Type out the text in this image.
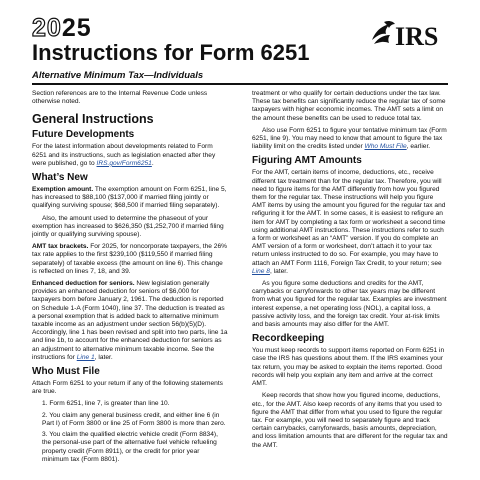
2025	IRS
Instructions for Form 6251
Alternative Minimum Tax—Individuals

Section references are to the Internal Revenue Code unless otherwise noted.

General Instructions
Future Developments

For the latest information about developments related to Form 6251 and its instructions, such as legislation enacted after they were published, go to IRS.gov/Form6251.

What’s New

Exemption amount. The exemption amount on Form 6251, line 5, has increased to $88,100 ($137,000 if married filing jointly or qualifying surviving spouse; $68,500 if married filing separately).

Also, the amount used to determine the phaseout of your exemption has increased to $626,350 ($1,252,700 if married filing jointly or qualifying surviving spouse).

AMT tax brackets. For 2025, for noncorporate taxpayers, the 26% tax rate applies to the first $239,100 ($119,550 if married filing separately) of taxable excess (the amount on line 6). This change is reflected on lines 7, 18, and 39.

Enhanced deduction for seniors. New legislation generally provides an enhanced deduction for seniors of $6,000 for taxpayers born before January 2, 1961. The deduction is reported on Schedule 1-A (Form 1040), line 37. The deduction is treated as a personal exemption that is added back to alternative minimum taxable income as an adjustment under section 56(b)(5)(D). Accordingly, line 1 has been revised and split into two parts, line 1a and line 1b, to account for the enhanced deduction for seniors as an adjustment to alternative minimum taxable income. See the instructions for Line 1, later.

Who Must File

Attach Form 6251 to your return if any of the following statements are true.

1. Form 6251, line 7, is greater than line 10.

2. You claim any general business credit, and either line 6 (in Part I) of Form 3800 or line 25 of Form 3800 is more than zero.

3. You claim the qualified electric vehicle credit (Form 8834), the personal-use part of the alternative fuel vehicle refueling property credit (Form 8911), or the credit for prior year minimum tax (Form 8801).

treatment or who qualify for certain deductions under the tax law. These tax benefits can significantly reduce the regular tax of some taxpayers with higher economic incomes. The AMT sets a limit on the amount these benefits can be used to reduce total tax.

Also use Form 6251 to figure your tentative minimum tax (Form 6251, line 9). You may need to know that amount to figure the tax liability limit on the credits listed under Who Must File, earlier.

Figuring AMT Amounts

For the AMT, certain items of income, deductions, etc., receive different tax treatment than for the regular tax. Therefore, you will need to figure items for the AMT differently from how you figured them for the regular tax. These instructions will help you figure AMT items by using the amount you figured for the regular tax and refiguring it for the AMT. In some cases, it is easiest to refigure an item for AMT by completing a tax form or worksheet a second time using additional AMT instructions. These instructions refer to such a form or worksheet as an “AMT” version. If you do complete an AMT version of a form or worksheet, don’t attach it to your tax return unless instructed to do so. For example, you may have to attach an AMT Form 1116, Foreign Tax Credit, to your return; see Line 8, later.

As you figure some deductions and credits for the AMT, carrybacks or carryforwards to other tax years may be different from what you figured for the regular tax. Examples are investment interest expense, a net operating loss (NOL), a capital loss, a passive activity loss, and the foreign tax credit. Your at-risk limits and basis amounts may also differ for the AMT.

Recordkeeping

You must keep records to support items reported on Form 6251 in case the IRS has questions about them. If the IRS examines your tax return, you may be asked to explain the items reported. Good records will help you explain any item and arrive at the correct AMT.

Keep records that show how you figured income, deductions, etc., for the AMT. Also keep records of any items that you used to figure the AMT that differ from what you used to figure the regular tax. For example, you will need to separately figure and track certain carrybacks, carryforwards, basis amounts, depreciation, and loss limitation amounts that are different for the regular tax and the AMT.
